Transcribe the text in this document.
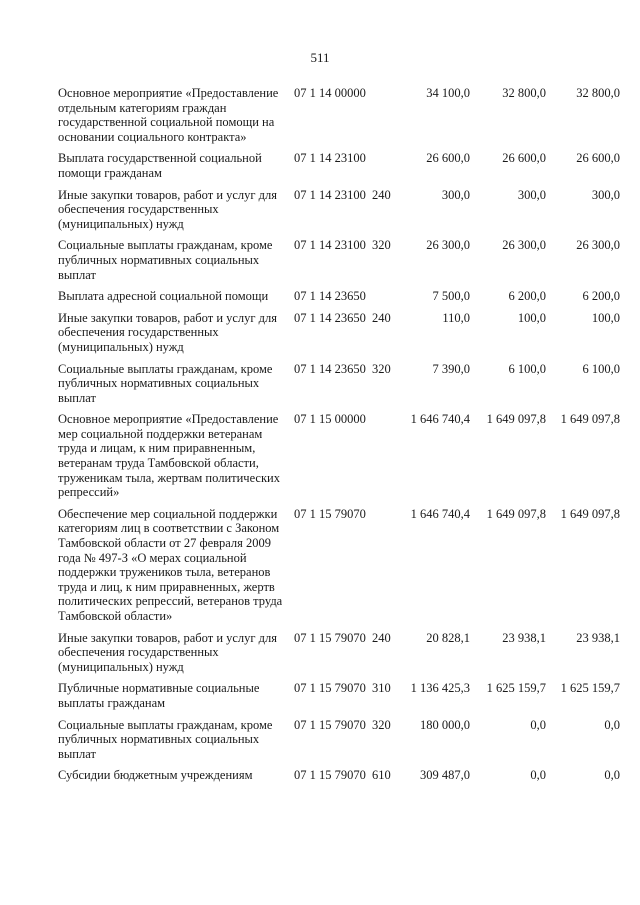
511
Основное мероприятие «Предоставление отдельным категориям граждан государственной социальной помощи на основании социального контракта»
07 1 14 00000	34 100,0	32 800,0	32 800,0
Выплата государственной социальной помощи гражданам
07 1 14 23100	26 600,0	26 600,0	26 600,0
Иные закупки товаров, работ и услуг для обеспечения государственных (муниципальных) нужд
07 1 14 23100 240	300,0	300,0	300,0
Социальные выплаты гражданам, кроме публичных нормативных социальных выплат
07 1 14 23100 320	26 300,0	26 300,0	26 300,0
Выплата адресной социальной помощи	07 1 14 23650	7 500,0	6 200,0	6 200,0
Иные закупки товаров, работ и услуг для обеспечения государственных (муниципальных) нужд
07 1 14 23650 240	110,0	100,0	100,0
Социальные выплаты гражданам, кроме публичных нормативных социальных выплат
07 1 14 23650 320	7 390,0	6 100,0	6 100,0
Основное мероприятие «Предоставление мер социальной поддержки ветеранам труда и лицам, к ним приравненным, ветеранам труда Тамбовской области, труженикам тыла, жертвам политических репрессий»
07 1 15 00000	1 646 740,4	1 649 097,8	1 649 097,8
Обеспечение мер социальной поддержки категориям лиц в соответствии с Законом Тамбовской области от 27 февраля 2009 года № 497-З «О мерах социальной поддержки тружеников тыла, ветеранов труда и лиц, к ним приравненных, жертв политических репрессий, ветеранов труда Тамбовской области»
07 1 15 79070	1 646 740,4	1 649 097,8	1 649 097,8
Иные закупки товаров, работ и услуг для обеспечения государственных (муниципальных) нужд
07 1 15 79070 240	20 828,1	23 938,1	23 938,1
Публичные нормативные социальные выплаты гражданам
07 1 15 79070 310	1 136 425,3	1 625 159,7	1 625 159,7
Социальные выплаты гражданам, кроме публичных нормативных социальных выплат
07 1 15 79070 320	180 000,0	0,0	0,0
Субсидии бюджетным учреждениям	07 1 15 79070 610	309 487,0	0,0	0,0
